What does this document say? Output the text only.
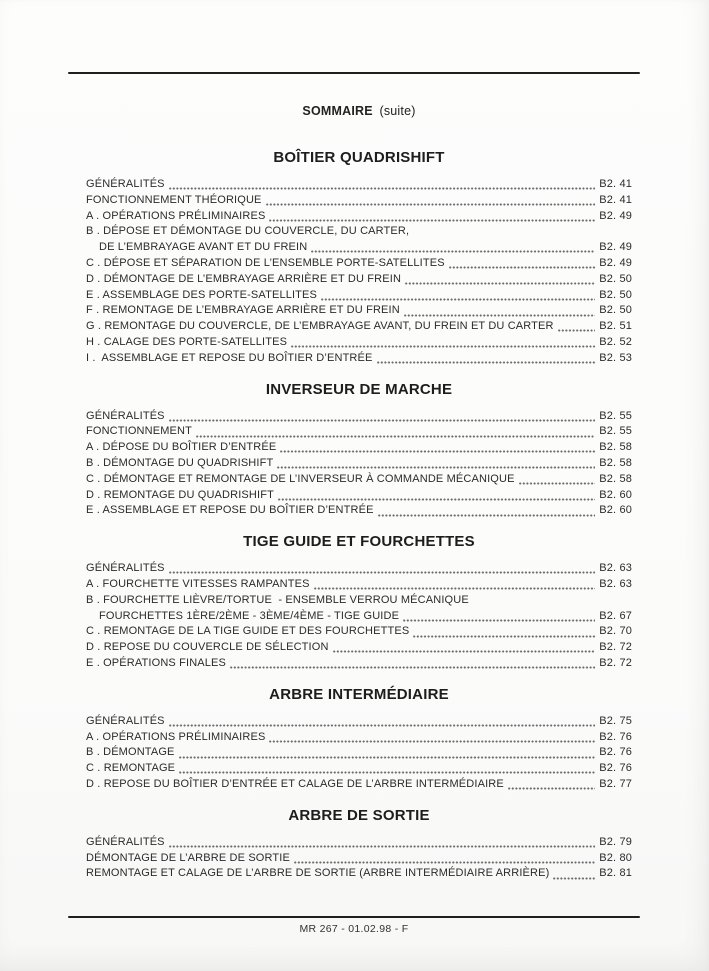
SOMMAIRE (suite)
BOÎTIER QUADRISHIFT
GÉNÉRALITÉS	B2. 41
FONCTIONNEMENT THÉORIQUE	B2. 41
A . OPÉRATIONS PRÉLIMINAIRES	B2. 49
B . DÉPOSE ET DÉMONTAGE DU COUVERCLE, DU CARTER,
DE L’EMBRAYAGE AVANT ET DU FREIN	B2. 49
C . DÉPOSE ET SÉPARATION DE L’ENSEMBLE PORTE-SATELLITES	B2. 49
D . DÉMONTAGE DE L’EMBRAYAGE ARRIÈRE ET DU FREIN	B2. 50
E . ASSEMBLAGE DES PORTE-SATELLITES	B2. 50
F . REMONTAGE DE L’EMBRAYAGE ARRIÈRE ET DU FREIN	B2. 50
G . REMONTAGE DU COUVERCLE, DE L’EMBRAYAGE AVANT, DU FREIN ET DU CARTER	B2. 51
H . CALAGE DES PORTE-SATELLITES	B2. 52
I .  ASSEMBLAGE ET REPOSE DU BOÎTIER D’ENTRÉE	B2. 53
INVERSEUR DE MARCHE
GÉNÉRALITÉS	B2. 55
FONCTIONNEMENT	B2. 55
A . DÉPOSE DU BOÎTIER D’ENTRÉE	B2. 58
B . DÉMONTAGE DU QUADRISHIFT	B2. 58
C . DÉMONTAGE ET REMONTAGE DE L’INVERSEUR À COMMANDE MÉCANIQUE	B2. 58
D . REMONTAGE DU QUADRISHIFT	B2. 60
E . ASSEMBLAGE ET REPOSE DU BOÎTIER D’ENTRÉE	B2. 60
TIGE GUIDE ET FOURCHETTES
GÉNÉRALITÉS	B2. 63
A . FOURCHETTE VITESSES RAMPANTES	B2. 63
B . FOURCHETTE LIÈVRE/TORTUE  - ENSEMBLE VERROU MÉCANIQUE
FOURCHETTES 1ÈRE/2ÈME - 3ÈME/4ÈME - TIGE GUIDE	B2. 67
C . REMONTAGE DE LA TIGE GUIDE ET DES FOURCHETTES	B2. 70
D . REPOSE DU COUVERCLE DE SÉLECTION	B2. 72
E . OPÉRATIONS FINALES	B2. 72
ARBRE INTERMÉDIAIRE
GÉNÉRALITÉS	B2. 75
A . OPÉRATIONS PRÉLIMINAIRES	B2. 76
B . DÉMONTAGE	B2. 76
C . REMONTAGE	B2. 76
D . REPOSE DU BOÎTIER D’ENTRÉE ET CALAGE DE L’ARBRE INTERMÉDIAIRE	B2. 77
ARBRE DE SORTIE
GÉNÉRALITÉS	B2. 79
DÉMONTAGE DE L’ARBRE DE SORTIE	B2. 80
REMONTAGE ET CALAGE DE L’ARBRE DE SORTIE (ARBRE INTERMÉDIAIRE ARRIÈRE)	B2. 81
MR 267 - 01.02.98 - F
